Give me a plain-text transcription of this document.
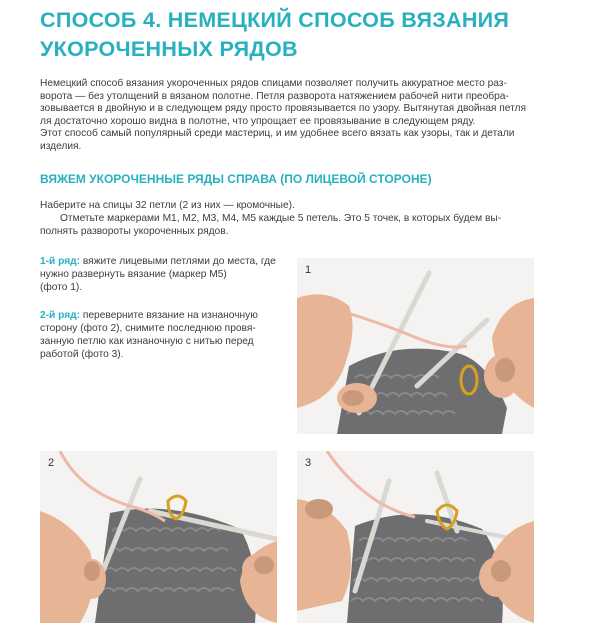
СПОСОБ 4. НЕМЕЦКИЙ СПОСОБ ВЯЗАНИЯ УКОРОЧЕННЫХ РЯДОВ
Немецкий способ вязания укороченных рядов спицами позволяет получить аккуратное место раз-
ворота — без утолщений в вязаном полотне. Петля разворота натяжением рабочей нити преобра-
зовывается в двойную и в следующем ряду просто провязывается по узору. Вытянутая двойная петля
ля достаточно хорошо видна в полотне, что упрощает ее провязывание в следующем ряду.
Этот способ самый популярный среди мастериц, и им удобнее всего вязать как узоры, так и детали
изделия.
ВЯЖЕМ УКОРОЧЕННЫЕ РЯДЫ СПРАВА (ПО ЛИЦЕВОЙ СТОРОНЕ)
Наберите на спицы 32 петли (2 из них — кромочные).
Отметьте маркерами М1, М2, М3, М4, М5 каждые 5 петель. Это 5 точек, в которых будем вы-
полнять развороты укороченных рядов.
1-й ряд: вяжите лицевыми петлями до места, где
нужно развернуть вязание (маркер М5)
(фото 1).
2-й ряд: переверните вязание на изнаночную
сторону (фото 2), снимите последнюю провя-
занную петлю как изнаночную с нитью перед
работой (фото 3).
1
2	3
